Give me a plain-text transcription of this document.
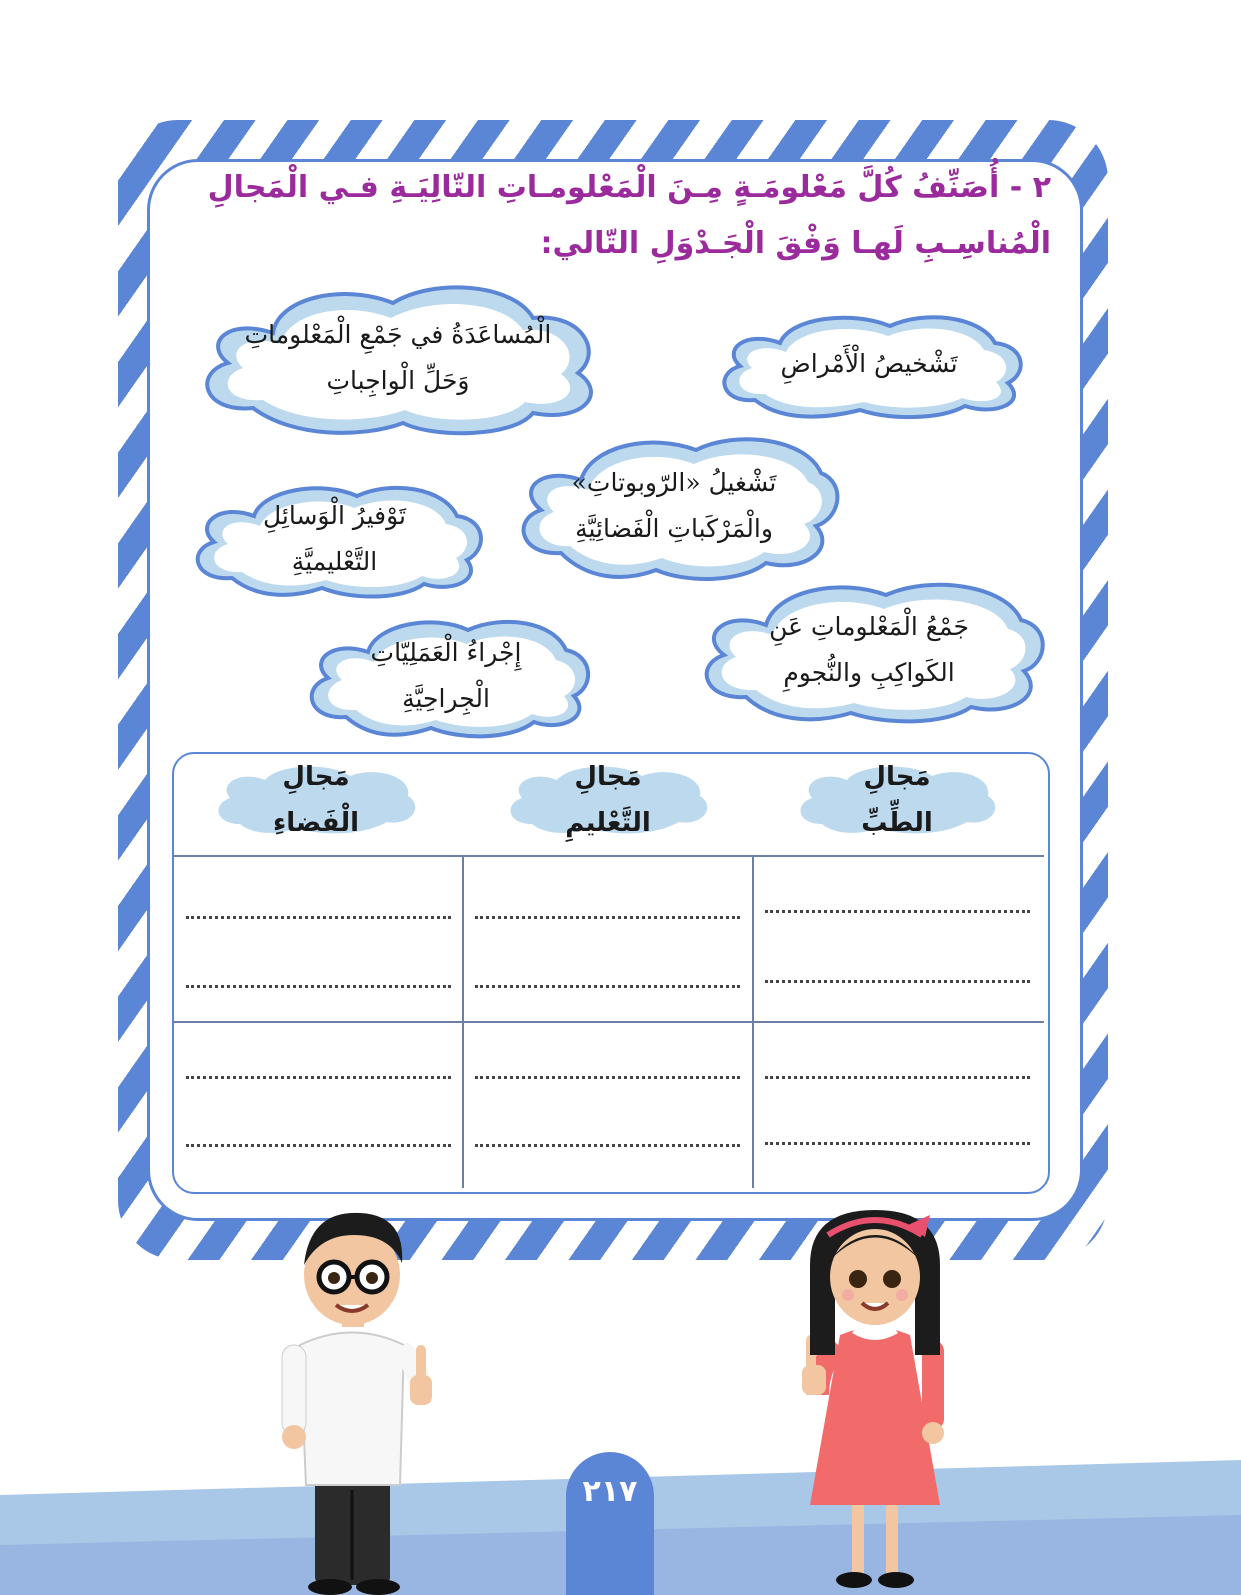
٢ - أُصَنِّفُ كُلَّ مَعْلومَـةٍ مِـنَ الْمَعْلومـاتِ التّالِيَـةِ فـي الْمَجالِ الْمُناسِـبِ لَهـا وَفْقَ الْجَـدْوَلِ التّالي:
الْمُساعَدَةُ في جَمْعِ الْمَعْلوماتِ وَحَلِّ الْواجِباتِ
تَشْخيصُ الْأَمْراضِ
تَشْغيلُ «الرّوبوتاتِ» والْمَرْكَباتِ الْفَضائِيَّةِ
تَوْفيرُ الْوَسائِلِ التَّعْليميَّةِ
جَمْعُ الْمَعْلوماتِ عَنِ الكَواكِبِ والنُّجومِ
إِجْراءُ الْعَمَلِيّاتِ الْجِراحِيَّةِ
مَجالِ الطِّبِّ
مَجالِ التَّعْليمِ
مَجالِ الْفَضاءِ
٢١٧
